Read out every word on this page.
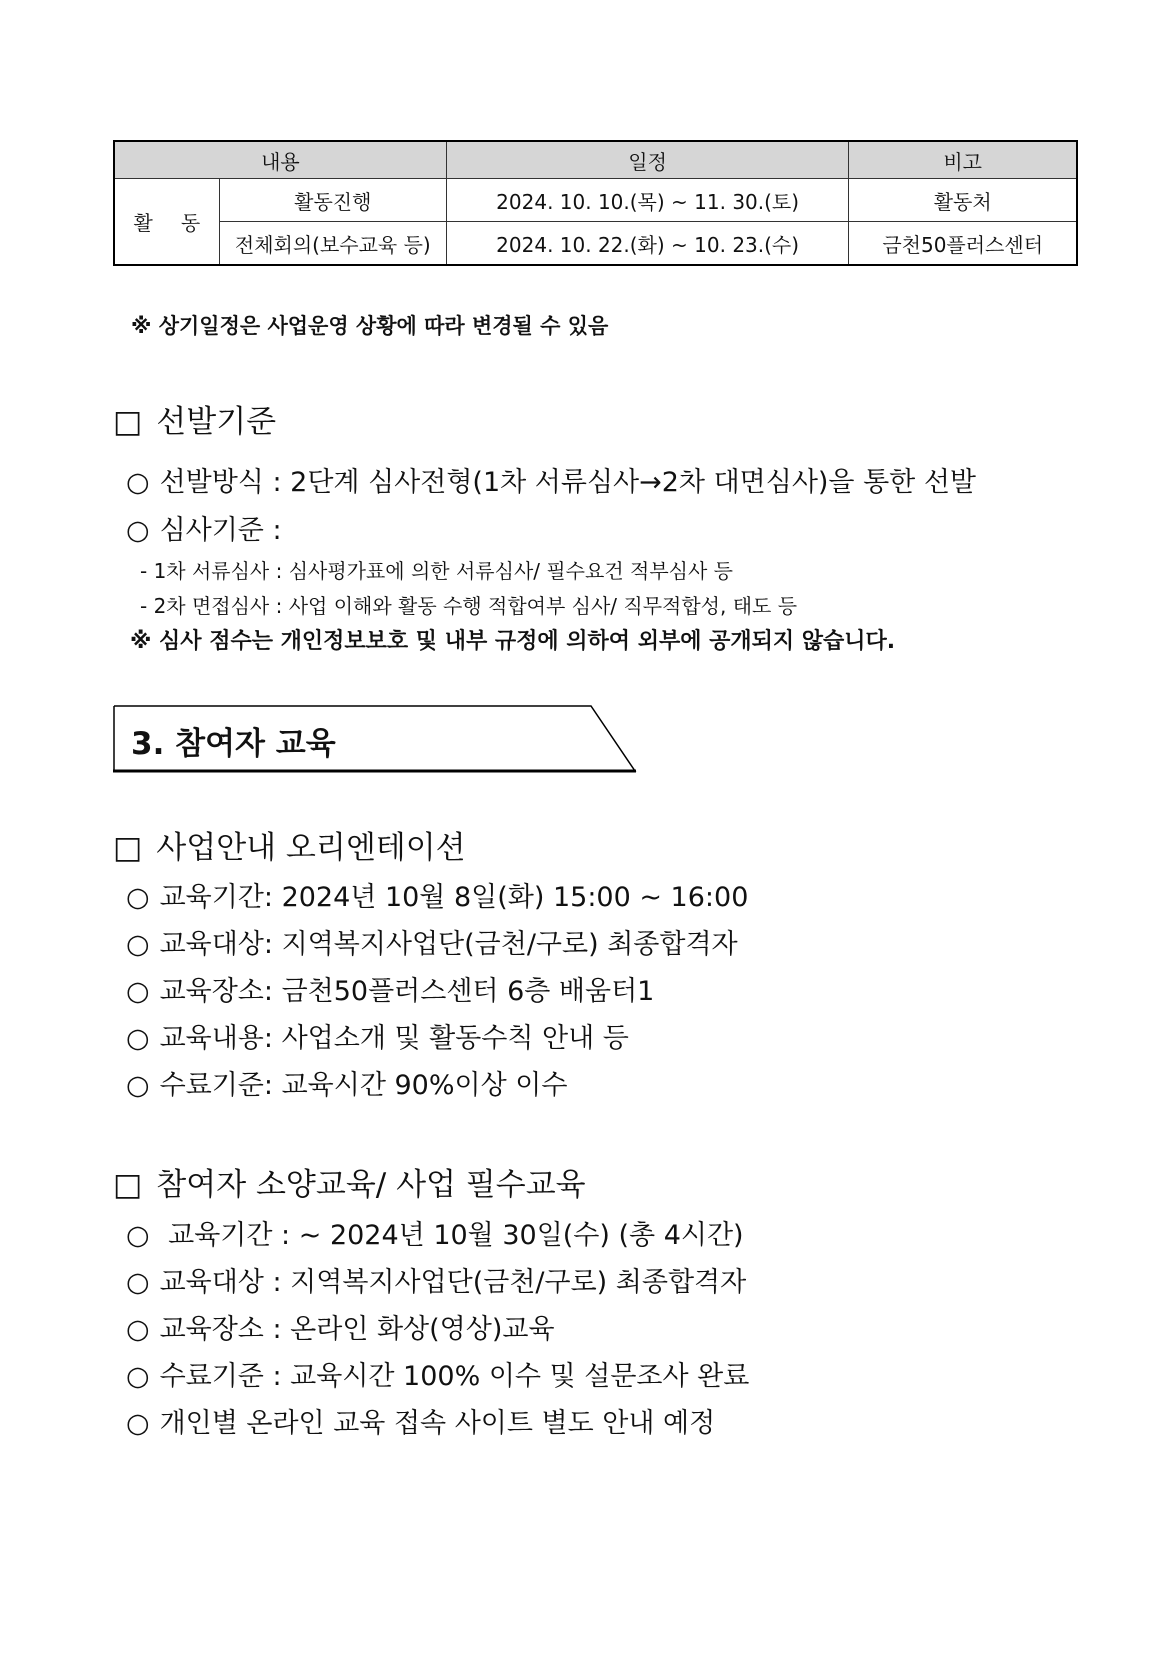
내용		일정	비고
활 동	활동진행	2024. 10. 10.(목) ~ 11. 30.(토)	활동처
	전체회의(보수교육 등)	2024. 10. 22.(화) ~ 10. 23.(수)	금천50플러스센터
※ 상기일정은 사업운영 상황에 따라 변경될 수 있음
□ 선발기준
○ 선발방식 : 2단계 심사전형(1차 서류심사→2차 대면심사)을 통한 선발
○ 심사기준 :
- 1차 서류심사 : 심사평가표에 의한 서류심사/ 필수요건 적부심사 등
- 2차 면접심사 : 사업 이해와 활동 수행 적합여부 심사/ 직무적합성, 태도 등
※ 심사 점수는 개인정보보호 및 내부 규정에 의하여 외부에 공개되지 않습니다.
3. 참여자 교육
□ 사업안내 오리엔테이션
○ 교육기간: 2024년 10월 8일(화) 15:00 ~ 16:00
○ 교육대상: 지역복지사업단(금천/구로) 최종합격자
○ 교육장소: 금천50플러스센터 6층 배움터1
○ 교육내용: 사업소개 및 활동수칙 안내 등
○ 수료기준: 교육시간 90%이상 이수
□ 참여자 소양교육/ 사업 필수교육
○ 교육기간 : ~ 2024년 10월 30일(수) (총 4시간)
○ 교육대상 : 지역복지사업단(금천/구로) 최종합격자
○ 교육장소 : 온라인 화상(영상)교육
○ 수료기준 : 교육시간 100% 이수 및 설문조사 완료
○ 개인별 온라인 교육 접속 사이트 별도 안내 예정
